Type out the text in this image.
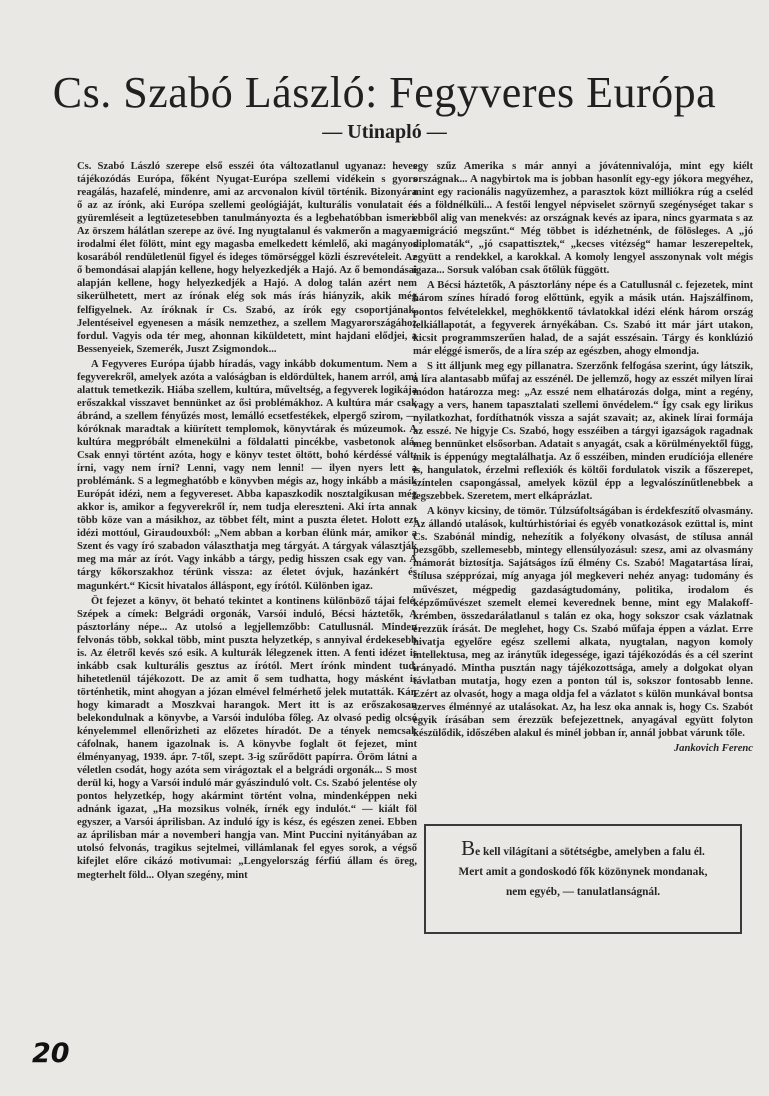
Cs. Szabó László: Fegyveres Európa
— Utinapló —

Cs. Szabó László szerepe első esszéi óta változatlanul ugyanaz: heves tájékozódás Európa, főként Nyugat-Európa szellemi vidékein s gyors reagálás, hazafelé, mindenre, ami az arcvonalon kívül történik. Bizonyára ő az az írónk, aki Európa szellemi geológiáját, kulturális vonulatait és gyüremléseit a legtüzetesebben tanulmányozta és a legbehatóbban ismeri. Az örszem hálátlan szerepe az övé. Ing nyugtalanul és vakmerőn a magyar irodalmi élet fölött, mint egy magasba emelkedett kémlelő, aki magányos kosarából rendületlenül figyel és ideges tömörséggel közli észrevételeit. Az ő bemondásai alapján kellene, hogy helyezkedjék a Hajó. Az ő bemondásai alapján kellene, hogy helyezkedjék a Hajó. A dolog talán azért nem sikerülhetett, mert az írónak elég sok más írás hiányzik, akik még felfigyelnek. Az íróknak ír Cs. Szabó, az írók egy csoportjának. Jelentéseivel egyenesen a másik nemzethez, a szellem Magyarországához fordul. Vagyis oda tér meg, ahonnan kiküldetett, mint hajdani elődjei, a Bessenyeiek, Szemerék, Juszt Zsigmondok...

A Fegyveres Európa újabb híradás, vagy inkább dokumentum. Nem a fegyverekről, amelyek azóta a valóságban is eldördültek, hanem arról, ami alattuk temetkezik. Hiába szellem, kultúra, műveltség, a fegyverek logikája erőszakkal visszavet bennünket az ősi problémákhoz. A kultúra már csak ábránd, a szellem fényűzés most, lemálló ecsetfestékek, elpergő szirom, — kóróknak maradtak a kiürített templomok, könyvtárak és múzeumok. A kultúra megpróbált elmenekülni a földalatti pincékbe, vasbetonok alá. Csak ennyi történt azóta, hogy e könyv testet öltött, bohó kérdéssé vált: írni, vagy nem írni? Lenni, vagy nem lenni! — ilyen nyers lett a problémánk. S a legmeghatóbb e könyvben mégis az, hogy inkább a másik Európát idézi, nem a fegyvereset. Abba kapaszkodik nosztalgikusan még akkor is, amikor a fegyverekről ír, nem tudja elereszteni. Aki írta annak több köze van a másikhoz, az többet félt, mint a puszta életet. Holott ezt idézi mottóul, Giraudouxból: „Nem abban a korban élünk már, amikor a Szent és vagy író szabadon választhatja meg tárgyát. A tárgyak választják meg ma már az írót. Vagy inkább a tárgy, pedig hisszen csak egy van. A tárgy kőkorszakhoz térünk vissza: az életet óvjuk, hazánkért és magunkért.“ Kicsit hivatalos álláspont, egy írótól. Különben igaz.

Öt fejezet a könyv, öt beható tekintet a kontinens különböző tájai felé. Szépek a címek: Belgrádi orgonák, Varsói induló, Bécsi háztetők, A pásztorlány népe... Az utolsó a legjellemzőbb: Catullusnál. Minden felvonás több, sokkal több, mint puszta helyzetkép, s annyival érdekesebb is. Az életről kevés szó esik. A kulturák lélegzenek itten. A fenti idézet is inkább csak kulturális gesztus az írótól. Mert írónk mindent tud, hihetetlenül tájékozott. De az amit ő sem tudhatta, hogy másként is történhetik, mint ahogyan a józan elmével felmérhető jelek mutatták. Kár, hogy kimaradt a Moszkvai harangok. Mert itt is az erőszakosan belekondulnak a könyvbe, a Varsói indulóba főleg. Az olvasó pedig olcsó kényelemmel ellenőrizheti az előzetes híradót. De a tények nemcsak cáfolnak, hanem igazolnak is. A könyvbe foglalt öt fejezet, mint élményanyag, 1939. ápr. 7-től, szept. 3-ig szűrődött papírra. Öröm látni a véletlen csodát, hogy azóta sem virágoztak el a belgrádi orgonák... S most derül ki, hogy a Varsói induló már gyászinduló volt. Cs. Szabó jelentése oly pontos helyzetkép, hogy akármint történt volna, mindenképpen neki adnánk igazat, „Ha mozsikus volnék, írnék egy indulót.“ — kiált föl egyszer, a Varsói áprilisban. Az induló így is kész, és egészen zenei. Ebben az áprilisban már a novemberi hangja van. Mint Puccini nyitányában az utolsó felvonás, tragikus sejtelmei, villámlanak fel egyes sorok, a végső kifejlet előre cikázó motivumai: „Lengyelország férfiú állam és öreg, megterhelt föld... Olyan szegény, mint

egy szűz Amerika s már annyi a jóvátennivalója, mint egy kiélt országnak... A nagybirtok ma is jobban hasonlít egy-egy jókora megyéhez, mint egy racionális nagyüzemhez, a parasztok közt milliókra rúg a cseléd és a földnélküli... A festői lengyel népviselet szörnyű szegénységet takar s ebből alig van menekvés: az országnak kevés az ipara, nincs gyarmata s az emigráció megszűnt.“ Még többet is idézhetnénk, de fölösleges. A „jó diplomaták“, „jó csapattisztek,“ „kecses vitézség“ hamar leszerepeltek, együtt a rendekkel, a karokkal. A komoly lengyel asszonynak volt mégis igaza... Sorsuk valóban csak őtőlük függött.

A Bécsi háztetők, A pásztorlány népe és a Catullusnál c. fejezetek, mint három színes híradó forog előttünk, egyik a másik után. Hajszálfinom, pontos felvételekkel, meghökkentő távlatokkal idézi elénk három ország lelkiállapotát, a fegyverek árnyékában. Cs. Szabó itt már járt utakon, kicsit programmszerűen halad, de a saját esszésain. Tárgy és konklúzió már eléggé ismerős, de a líra szép az egészben, ahogy elmondja.

S itt álljunk meg egy pillanatra. Szerzőnk felfogása szerint, úgy látszik, a líra alantasabb műfaj az esszénél. De jellemző, hogy az esszét milyen lírai módon határozza meg: „Az esszé nem elhatározás dolga, mint a regény, vagy a vers, hanem tapasztalati szellemi önvédelem.“ Így csak egy lirikus nyilatkozhat, fordíthatnók vissza a saját szavait; az, akinek lírai formája az esszé. Ne higyje Cs. Szabó, hogy esszéiben a tárgyi igazságok ragadnak meg bennünket elsősorban. Adatait s anyagát, csak a körülményektől függ, mik is éppenúgy megtalálhatja. Az ő esszéiben, minden erudíciója ellenére is, hangulatok, érzelmi reflexiók és költői fordulatok viszik a főszerepet, színtelen csapongással, amelyek közül épp a legvalószínűtlenebbek a legszebbek. Szeretem, mert elkáprázlat.

A könyv kicsiny, de tömör. Túlzsúfoltságában is érdekfeszítő olvasmány. Az állandó utalások, kultúrhistóriai és egyéb vonatkozások ezüttal is, mint Cs. Szabónál mindig, nehezítik a folyékony olvasást, de stílusa annál pezsgőbb, szellemesebb, mintegy ellensúlyozásul: szesz, ami az olvasmány mámorát biztosítja. Sajátságos ízű élmény Cs. Szabó! Magatartása lírai, stílusa szépprózai, míg anyaga jól megkeveri nehéz anyag: tudomány és művészet, mégpedig gazdaságtudomány, politika, irodalom és képzőművészet szemelt elemei keverednek benne, mint egy Malakoff-krémben, összedarálatlanul s talán ez oka, hogy sokszor csak vázlatnak érezzük írását. De meglehet, hogy Cs. Szabó műfaja éppen a vázlat. Erre hivatja egyelőre egész szellemi alkata, nyugtalan, nagyon komoly intellektusa, meg az iránytűk idegessége, igazi tájékozódás és a cél szerint irányadó. Mintha pusztán nagy tájékozottsága, amely a dolgokat olyan távlatban mutatja, hogy ezen a ponton túl is, sokszor fontosabb lenne. Ezért az olvasót, hogy a maga oldja fel a vázlatot s külön munkával bontsa szerves élménnyé az utalásokat. Az, ha lesz oka annak is, hogy Cs. Szabót egyik írásában sem érezzük befejezettnek, anyagával együtt folyton készülődik, időszében alakul és minél jobban ír, annál jobbat várunk tőle.

Jankovich Ferenc
Be kell világítani a sötétségbe, amelyben a falu él.
Mert amit a gondoskodó fők közönynek mondanak,
nem egyéb, — tanulatlanságnál.
20
